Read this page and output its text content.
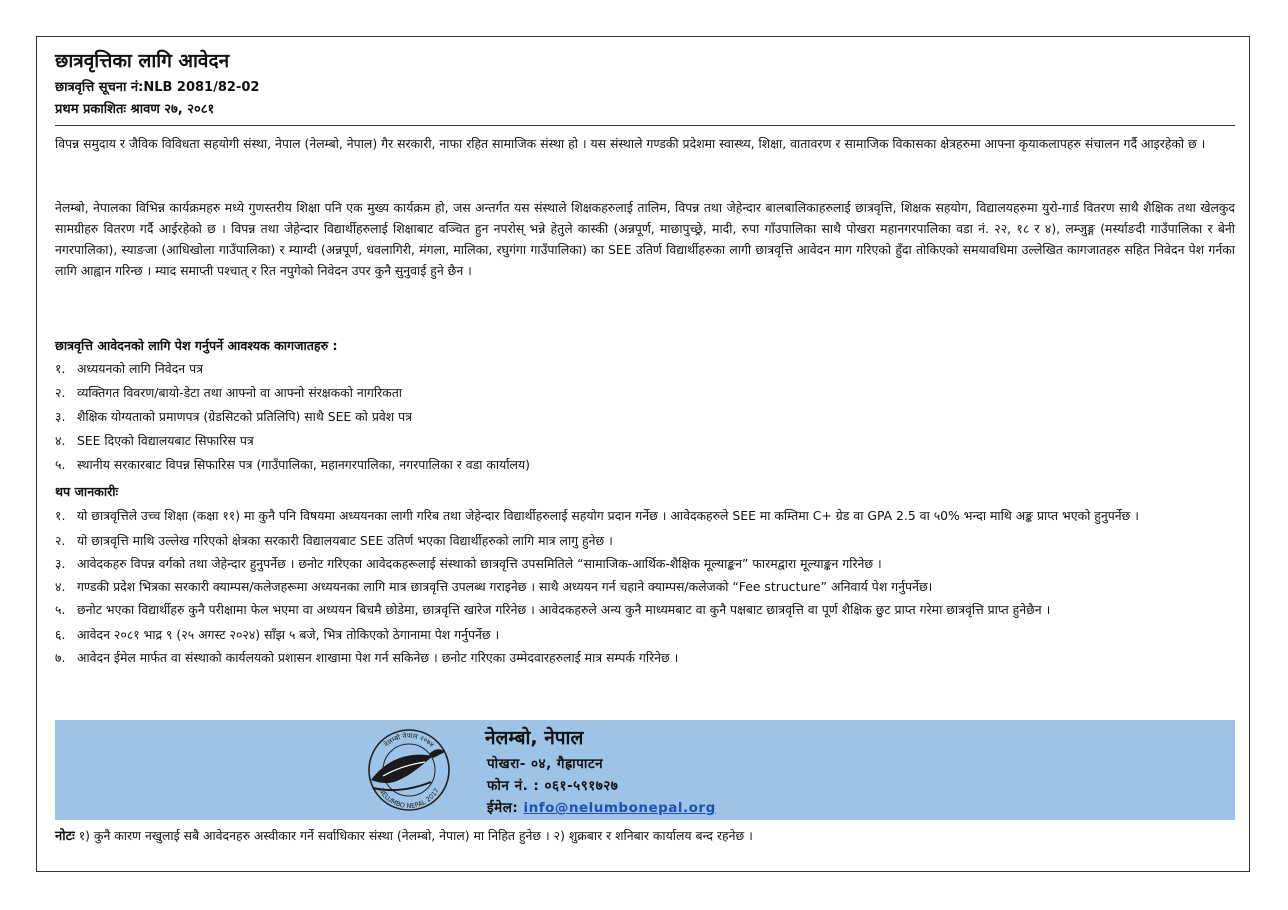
छात्रवृत्तिका लागि आवेदन
छात्रवृत्ति सूचना नं:NLB 2081/82-02
प्रथम प्रकाशितः श्रावण २७, २०८१

विपन्न समुदाय र जैविक विविधता सहयोगी संस्था, नेपाल (नेलम्बो, नेपाल) गैर सरकारी, नाफा रहित सामाजिक संस्था हो । यस संस्थाले गण्डकी प्रदेशमा स्वास्थ्य, शिक्षा, वातावरण र सामाजिक विकासका क्षेत्रहरुमा आफ्ना कृयाकलापहरु संचालन गर्दै आइरहेको छ ।

नेलम्बो, नेपालका विभिन्न कार्यक्रमहरु मध्ये गुणस्तरीय शिक्षा पनि एक मुख्य कार्यक्रम हो, जस अन्तर्गत यस संस्थाले शिक्षकहरुलाई तालिम, विपन्न तथा जेहेन्दार बालबालिकाहरुलाई छात्रवृत्ति, शिक्षक सहयोग, विद्यालयहरुमा युरो-गार्ड वितरण साथै शैक्षिक तथा खेलकुद सामग्रीहरु वितरण गर्दै आईरहेको छ । विपन्न तथा जेहेन्दार विद्यार्थीहरुलाई शिक्षाबाट वञ्चित हुन नपरोस् भन्ने हेतुले कास्की (अन्नपूर्ण, माछापुच्छ्रे, मादी, रुपा गाँउपालिका साथै पोखरा महानगरपालिका वडा नं. २२, १८ र ४), लम्जुङ्ग (मर्स्याङदी गाउँपालिका र बेनी नगरपालिका), स्याङजा (आधिखोला गाउँपालिका) र म्याग्दी (अन्नपूर्ण, धवलागिरी, मंगला, मालिका, रघुगंगा गाउँपालिका) का SEE उतिर्ण विद्यार्थीहरुका लागी छात्रवृत्ति आवेदन माग गरिएको हुँदा तोकिएको समयावधिमा उल्लेखित कागजातहरु सहित निवेदन पेश गर्नका लागि आह्वान गरिन्छ । म्याद समाप्ती पश्चात् र रित नपुगेको निवेदन उपर कुनै सुनुवाई हुने छैन ।

छात्रवृत्ति आवेदनको लागि पेश गर्नुपर्ने आवश्यक कागजातहरु :
१. अध्ययनको लागि निवेदन पत्र
२. व्यक्तिगत विवरण/बायो-डेटा तथा आफ्नो वा आफ्नो संरक्षकको नागरिकता
३. शैक्षिक योग्यताको प्रमाणपत्र (ग्रेडसिटको प्रतिलिपि) साथै SEE को प्रवेश पत्र
४. SEE दिएको विद्यालयबाट सिफारिस पत्र
५. स्थानीय सरकारबाट विपन्न सिफारिस पत्र (गाउँपालिका, महानगरपालिका, नगरपालिका र वडा कार्यालय)
थप जानकारीः
१. यो छात्रवृत्तिले उच्च शिक्षा (कक्षा ११) मा कुनै पनि विषयमा अध्ययनका लागी गरिब तथा जेहेन्दार विद्यार्थीहरुलाई सहयोग प्रदान गर्नेछ । आवेदकहरुले SEE मा कम्तिमा C+ ग्रेड वा GPA 2.5 वा ५0% भन्दा माथि अङ्क प्राप्त भएको हुनुपर्नेछ ।
२. यो छात्रवृत्ति माथि उल्लेख गरिएको क्षेत्रका सरकारी विद्यालयबाट SEE उतिर्ण भएका विद्यार्थीहरुको लागि मात्र लागु हुनेछ ।
३. आवेदकहरु विपन्न वर्गको तथा जेहेन्दार हुनुपर्नेछ । छनोट गरिएका आवेदकहरूलाई संस्थाको छात्रवृत्ति उपसमितिले “सामाजिक-आर्थिक-शैक्षिक मूल्याङ्कन” फारमद्वारा मूल्याङ्कन गरिनेछ ।
४. गण्डकी प्रदेश भित्रका सरकारी क्याम्पस/कलेजहरूमा अध्ययनका लागि मात्र छात्रवृत्ति उपलब्ध गराइनेछ । साथै अध्ययन गर्न चहाने क्याम्पस/कलेजको “Fee structure” अनिवार्य पेश गर्नुपर्नेछ।
५. छनोट भएका विद्यार्थीहरु कुनै परीक्षामा फेल भएमा वा अध्ययन बिचमै छोडेमा, छात्रवृत्ति खारेज गरिनेछ । आवेदकहरुले अन्य कुनै माध्यमबाट वा कुनै पक्षबाट छात्रवृत्ति वा पूर्ण शैक्षिक छुट प्राप्त गरेमा छात्रवृत्ति प्राप्त हुनेछैन ।
६. आवेदन २०८१ भाद्र ९ (२५ अगस्ट २०२४) साँझ ५ बजे, भित्र तोकिएको ठेगानामा पेश गर्नुपर्नेछ ।
७. आवेदन ईमेल मार्फत वा संस्थाको कार्यलयको प्रशासन शाखामा पेश गर्न सकिनेछ । छनोट गरिएका उम्मेदवारहरुलाई मात्र सम्पर्क गरिनेछ ।
नेलम्बो नेपाल २०७४
NELUMBO NEPAL 2017
नेलम्बो, नेपाल
पोखरा- ०४, गैह्रापाटन
फोन नं. : ०६१-५९१७२७
ईमेल: info@nelumbonepal.org
नोटः १) कुनै कारण नखुलाई सबै आवेदनहरु अस्वीकार गर्ने सर्वाधिकार संस्था (नेलम्बो, नेपाल) मा निहित हुनेछ । २) शुक्रबार र शनिबार कार्यालय बन्द रहनेछ ।
